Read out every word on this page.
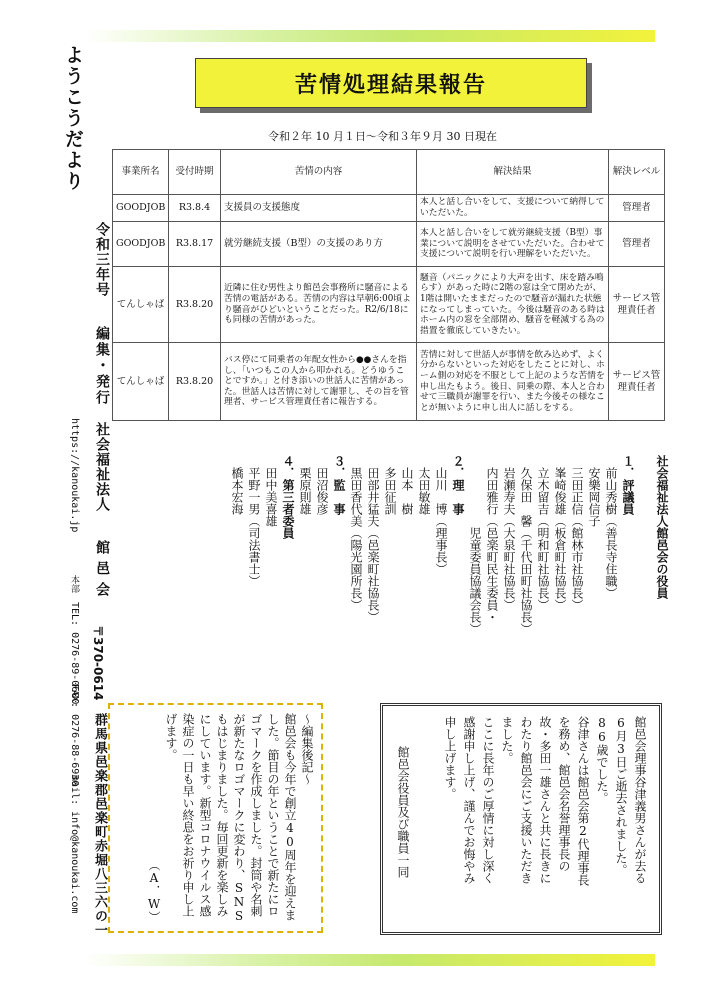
ようこうだより
令和三年号
編集・発行
社会福祉法人
館邑会
https://kanoukai.jp
本部
TEL: 0276-89-0600
FAX: 0276-88-6930
mail: info@kanoukai.com
〒370-0614
群馬県邑楽郡邑楽町赤堀八三六の一
苦情処理結果報告
令和２年 10 月１日～令和３年９月 30 日現在
事業所名	受付時期	苦情の内容	解決結果	解決レベル
GOODJOB	R3.8.4	支援員の支援態度	本人と話し合いをして、支援について納得していただいた。	管理者
GOODJOB	R3.8.17	就労継続支援（B型）の支援のあり方	本人と話し合いをして就労継続支援（B型）事業について説明をさせていただいた。合わせて支援について説明を行い理解をいただいた。	管理者
てんしゃば	R3.8.20	近隣に住む男性より館邑会事務所に騒音による苦情の電話がある。苦情の内容は早朝6:00頃より騒音がひどいということだった。R2/6/18にも同様の苦情があった。	騒音（パニックにより大声を出す、床を踏み鳴らす）があった時に2階の窓は全て閉めたが、1階は開いたままだったので騒音が漏れた状態になってしまっていた。今後は騒音のある時はホーム内の窓を全部閉め、騒音を軽減する為の措置を徹底していきたい。	サービス管理責任者
てんしゃば	R3.8.20	バス停にて同乗者の年配女性から●●さんを指し、「いつもこの人から叩かれる。どうゆうことですか。」と付き添いの世話人に苦情があった。世話人は苦情に対して謝罪し、その旨を管理者、サービス管理責任者に報告する。	苦情に対して世話人が事情を飲み込めず、よく分からないといった対応をしたことに対し、ホーム側の対応を不服として上記のような苦情を申し出たもよう。後日、同乗の際、本人と合わせて三職員が謝罪を行い、また今後その様なことが無いように申し出人に話しをする。	サービス管理責任者
社会福祉法人館邑会の役員

１．評議員
　前山秀樹（善長寺住職）
　安樂岡信子
　三田正信（館林市社協長）
　峯崎俊雄（板倉町社協長）
　立木留吉（明和町社協長）
　久保田　馨（千代田町社協長）
　岩瀬寿夫（大泉町社協長）
　内田雅行（邑楽町民生委員・
　　　　　　児童委員協議会長）
２．理　事
　山川　博（理事長）
　太田敏雄
　山本　樹
　多田征訓
　田部井猛夫（邑楽町社協長）
　黒田香代美（陽光園所長）
３．監　事
　田沼俊彦
　栗原則雄
４．第三者委員
　田中美喜雄
　平野一男（司法書士）
　橋本宏海
館邑会理事谷津義男さんが去る6月3日ご逝去されました。86歳でした。
谷津さんは館邑会第2代理事長を務め、館邑会名誉理事長の故・多田一雄さんと共に長きにわたり館邑会にご支援いただきました。
ここに長年のご厚情に対し深く感謝申し上げ、謹んでお悔やみ申し上げます。
館邑会役員及び職員一同
～編集後記～
館邑会も今年で創立40周年を迎えました。節目の年ということで新たにロゴマークを作成しました。封筒や名刺が新たなロゴマークに変わり、SNSもはじまりました。毎回更新を楽しみにしています。新型コロナウイルス感染症の一日も早い終息をお祈り申し上げます。
（A．W）
